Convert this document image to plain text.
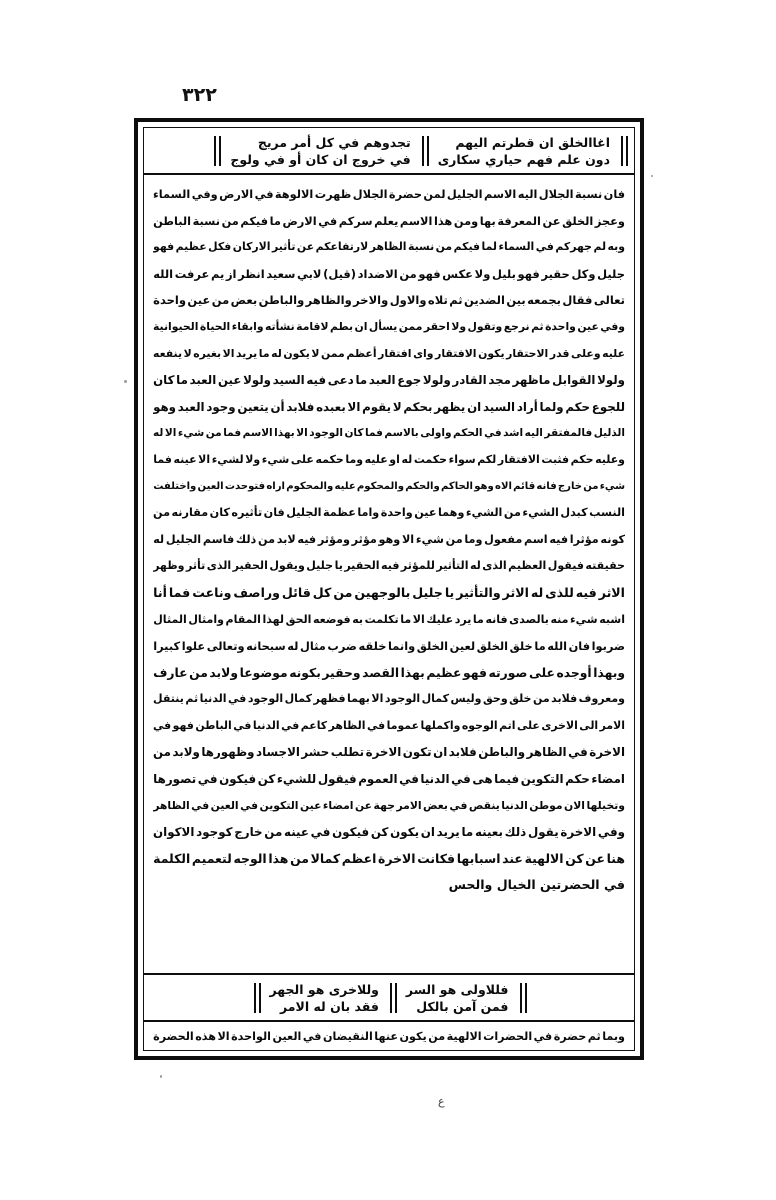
٣٢٢
اغاالخلق ان قطرتم اليهم
دون علم فهم حياري سكارى
تجدوهم في كل أمر مريج
في خروج ان كان أو في ولوج
فان
نسبة
الجلال
اليه
الاسم
الجليل
لمن
حضرة
الجلال
ظهرت
الالوهة
في
الارض
وفي
السماء
وعجز
الخلق
عن
المعرفة
بها
ومن
هذا
الاسم
يعلم
سركم
في
الارض
ما
فيكم
من
نسبة
الباطن
وبه
لم
جهركم
في
السماء
لما
فيكم
من
نسبة
الظاهر
لارتفاعكم
عن
تأثير
الاركان
فكل
عظيم
فهو
جليل
وكل
حقير
فهو
بليل
ولا
عكس
فهو
من
الاضداد
(قيل)
لابي
سعيد
انظر
از
يم
عرفت
الله
تعالى
فقال
بجمعه
بين
الضدين
ثم
تلاه
والاول
والاخر
والظاهر
والباطن
بعض
من
عين
واحدة
وفي
عين
واحدة
ثم
نرجع
وتقول
ولا
احقر
ممن
يسأل
ان
بطم
لاقامة
نشأته
وابقاء
الحياة
الحيوانية
عليه
وعلى
قدر
الاحتقار
يكون
الافتقار
واى
افتقار
أعظم
ممن
لا
يكون
له
ما
يريد
الا
بغيره
لا
ينفعه
ولولا
القوابل
ماظهر
مجد
القادر
ولولا
جوع
العبد
ما
دعى
فيه
السيد
ولولا
عين
العبد
ما
كان
للجوع
حكم
ولما
أراد
السيد
ان
يظهر
بحكم
لا
يقوم
الا
بعبده
فلابد
أن
يتعين
وجود
العبد
وهو
الذليل
فالمفتقر
اليه
اشد
في
الحكم
واولى
بالاسم
فما
كان
الوجود
الا
بهذا
الاسم
فما
من
شيء
الا
له
وعليه
حكم
فثبت
الافتقار
لكم
سواء
حكمت
له
او
عليه
وما
حكمه
على
شيء
ولا
لشيء
الا
عينه
فما
شيء
من
خارج
فانه
قائم
الاه
وهو
الحاكم
والحكم
والمحكوم
عليه
والمحكوم
اراه
فتوحدت
العين
واختلفت
النسب
كبدل
الشيء
من
الشيء
وهما
عين
واحدة
واما
عظمة
الجليل
فان
تأثيره
كان
مقارنه
من
كونه
مؤثرا
فيه
اسم
مفعول
وما
من
شيء
الا
وهو
مؤثر
ومؤثر
فيه
لابد
من
ذلك
فاسم
الجليل
له
حقيقته
فيقول
العظيم
الذى
له
التأثير
للمؤثر
فيه
الحقير
يا
جليل
ويقول
الحقير
الذى
تأثر
وظهر
الاثر
فيه
للذى
له
الاثر
والتأثير
يا
جليل
بالوجهين
من
كل
قائل
وراصف
وناعت
فما
أنا
اشبه
شيء
منه
بالصدى
فانه
ما
يرد
عليك
الا
ما
تكلمت
به
فوضعه
الحق
لهذا
المقام
وامثال
المثال
ضربوا
فان
الله
ما
خلق
الخلق
لعين
الخلق
وانما
خلقه
ضرب
مثال
له
سبحانه
وتعالى
علوا
كبيرا
وبهذا
أوجده
على
صورته
فهو
عظيم
بهذا
القصد
وحقير
بكونه
موضوعا
ولابد
من
عارف
ومعروف
فلابد
من
خلق
وحق
وليس
كمال
الوجود
الا
بهما
فظهر
كمال
الوجود
في
الدنيا
ثم
ينتقل
الامر
الى
الاخرى
على
اتم
الوجوه
واكملها
عموما
في
الظاهر
كاعم
في
الدنيا
في
الباطن
فهو
في
الاخرة
في
الظاهر
والباطن
فلابد
ان
تكون
الاخرة
تطلب
حشر
الاجساد
وظهورها
ولابد
من
امضاء
حكم
التكوين
فيما
هى
في
الدنيا
في
العموم
فيقول
للشيء
كن
فيكون
في
تصورها
وتخيلها
الان
موطن
الدنيا
ينقص
في
بعض
الامر
جهة
عن
امضاء
عين
التكوين
في
العين
في
الظاهر
وفي
الاخرة
يقول
ذلك
بعينه
ما
يريد
ان
يكون
كن
فيكون
في
عينه
من
خارج
كوجود
الاكوان
هنا
عن
كن
الالهية
عند
اسبابها
فكانت
الاخرة
اعظم
كمالا
من
هذا
الوجه
لتعميم
الكلمة
في الحضرتين الخيال والحس
فللاولى هو السر
فمن آمن بالكل
وللاخرى هو الجهر
فقد بان له الامر
وبما
ثم
حضرة
في
الحضرات
الالهية
من
يكون
عنها
النقيضان
في
العين
الواحدة
الا
هذه
الحضرة
ع
